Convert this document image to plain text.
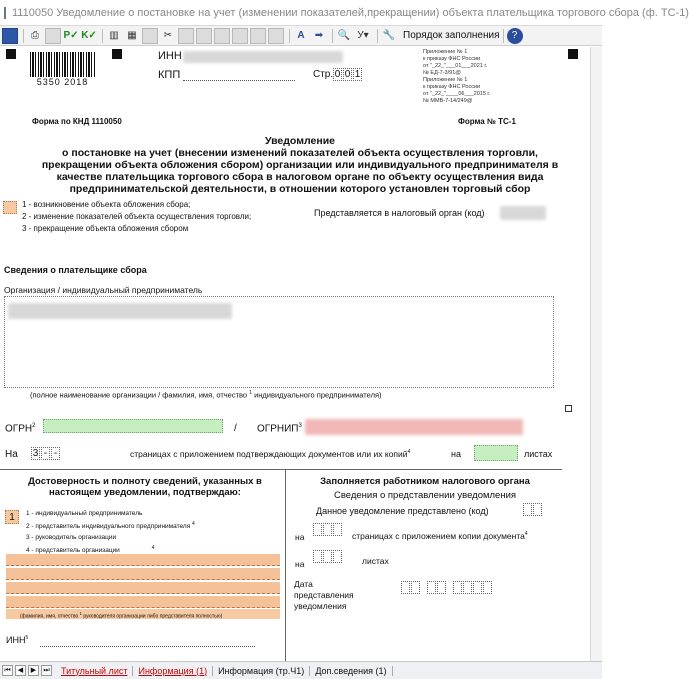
1110050 Уведомление о постановке на учет (изменении показателей,прекращении) объекта плательщика торгового сбора (ф. ТС-1)
⎙	P✓ K✓	▥ ▦	✂	A	➡	🔍 У ▾	🔧 Порядок заполнения	?
5350 2018
ИНН
КПП	Стр. 0 0 1
Приложение № 1
к приказу ФНС России
от "_22_"___01___2021 г.
№ ЕД-7-3/91@
Приложение № 1
к приказу ФНС России
от "_22_"____06___2015 г.
№ ММВ-7-14/249@
Форма по КНД 1110050	Форма № ТС-1
Уведомление
о постановке на учет (внесении изменений показателей объекта осуществления торговли,
прекращении объекта обложения сбором) организации или индивидуального предпринимателя в
качестве плательщика торгового сбора в налоговом органе по объекту осуществления вида
предпринимательской деятельности, в отношении которого установлен торговый сбор
1 - возникновение объекта обложения сбора;
2 - изменение показателей объекта осуществления торговли;
3 - прекращение объекта обложения сбором
Представляется в налоговый орган (код)
Сведения о плательщике сбора
Организация / индивидуальный предприниматель
(полное наименование организации / фамилия, имя, отчество $^1$ индивидуального предпринимателя)
ОГРН$^2$	/ ОГРНИП$^3$
На 3 - -	страницах с приложением подтверждающих документов или их копий$^4$	на	листах
Достоверность и полноту сведений, указанных в настоящем уведомлении, подтверждаю:
1	1 - индивидуальный предприниматель
2 - представитель индивидуального предпринимателя $^4$
3 - руководитель организации
4 - представитель организации	$^4$
(фамилия, имя, отчество $^1$ руководителя организации либо представителя полностью)
ИНН$^5$
Заполняется работником налогового органа
Сведения о представлении уведомления
Данное уведомление представлено (код)
на	страницах с приложением копии документа$^4$
на	листах
Дата представления уведомления
⏮	◀	▶	⏭	Титульный лист	Информация (1)	Информация (тр.Ч1)	Доп.сведения (1)
